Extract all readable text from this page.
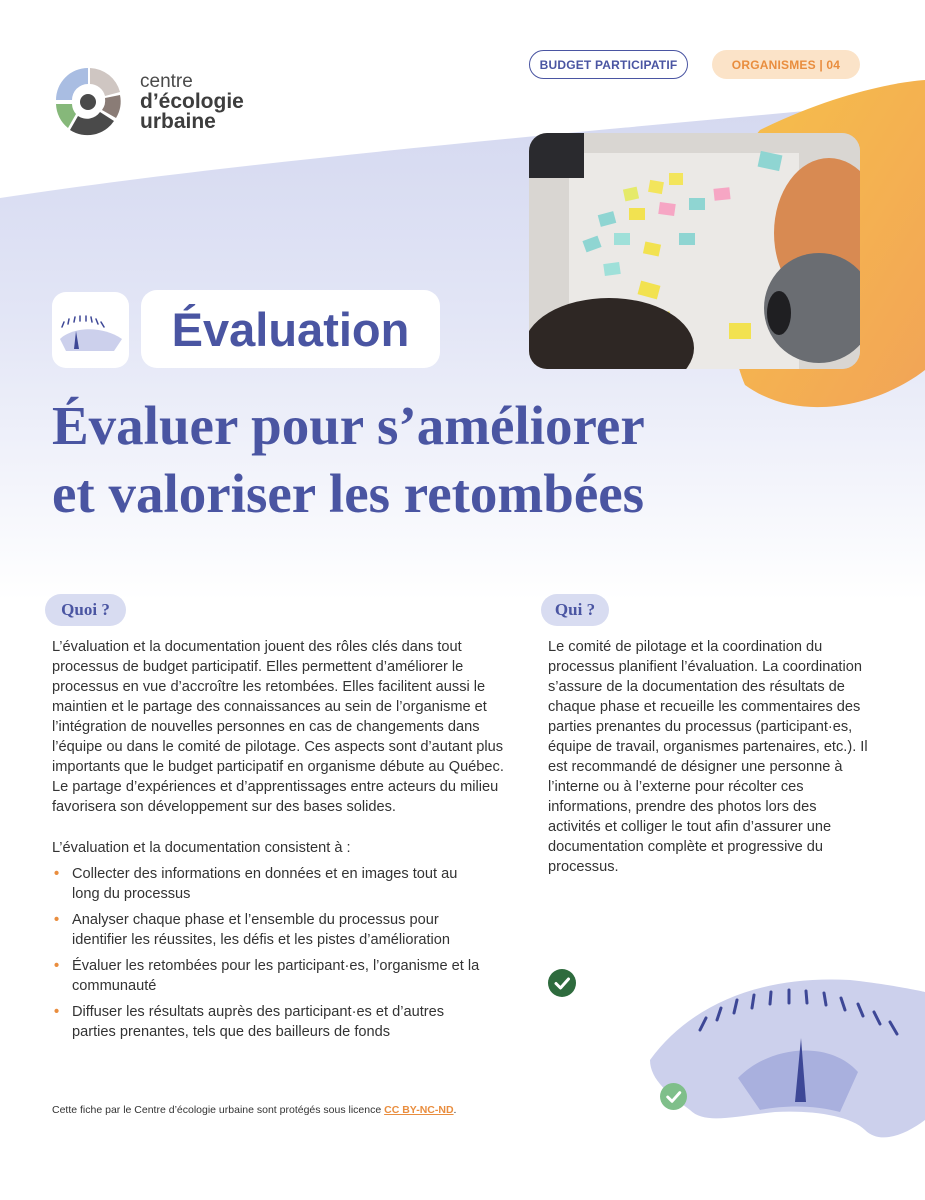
centre
d’écologie
urbaine
BUDGET PARTICIPATIF	ORGANISMES | 04
Évaluation
Évaluer pour s’améliorer
et valoriser les retombées
Quoi ?

L’évaluation et la documentation jouent des rôles clés dans tout processus de budget participatif. Elles permettent d’améliorer le processus en vue d’accroître les retombées. Elles facilitent aussi le maintien et le partage des connaissances au sein de l’organisme et l’intégration de nouvelles personnes en cas de changements dans l’équipe ou dans le comité de pilotage. Ces aspects sont d’autant plus importants que le budget participatif en organisme débute au Québec. Le partage d’expériences et d’apprentissages entre acteurs du milieu favorisera son développement sur des bases solides.

L’évaluation et la documentation consistent à :

• Collecter des informations en données et en images tout au long du processus
• Analyser chaque phase et l’ensemble du processus pour identifier les réussites, les défis et les pistes d’amélioration
• Évaluer les retombées pour les participant·es, l’organisme et la communauté
• Diffuser les résultats auprès des participant·es et d’autres parties prenantes, tels que des bailleurs de fonds
Qui ?

Le comité de pilotage et la coordination du processus planifient l’évaluation. La coordination s’assure de la documentation des résultats de chaque phase et recueille les commentaires des parties prenantes du processus (participant·es, équipe de travail, organismes partenaires, etc.). Il est recommandé de désigner une personne à l’interne ou à l’externe pour récolter ces informations, prendre des photos lors des activités et colliger le tout afin d’assurer une documentation complète et progressive du processus.

Cette fiche par le Centre d’écologie urbaine sont protégés sous licence CC BY-NC-ND.
